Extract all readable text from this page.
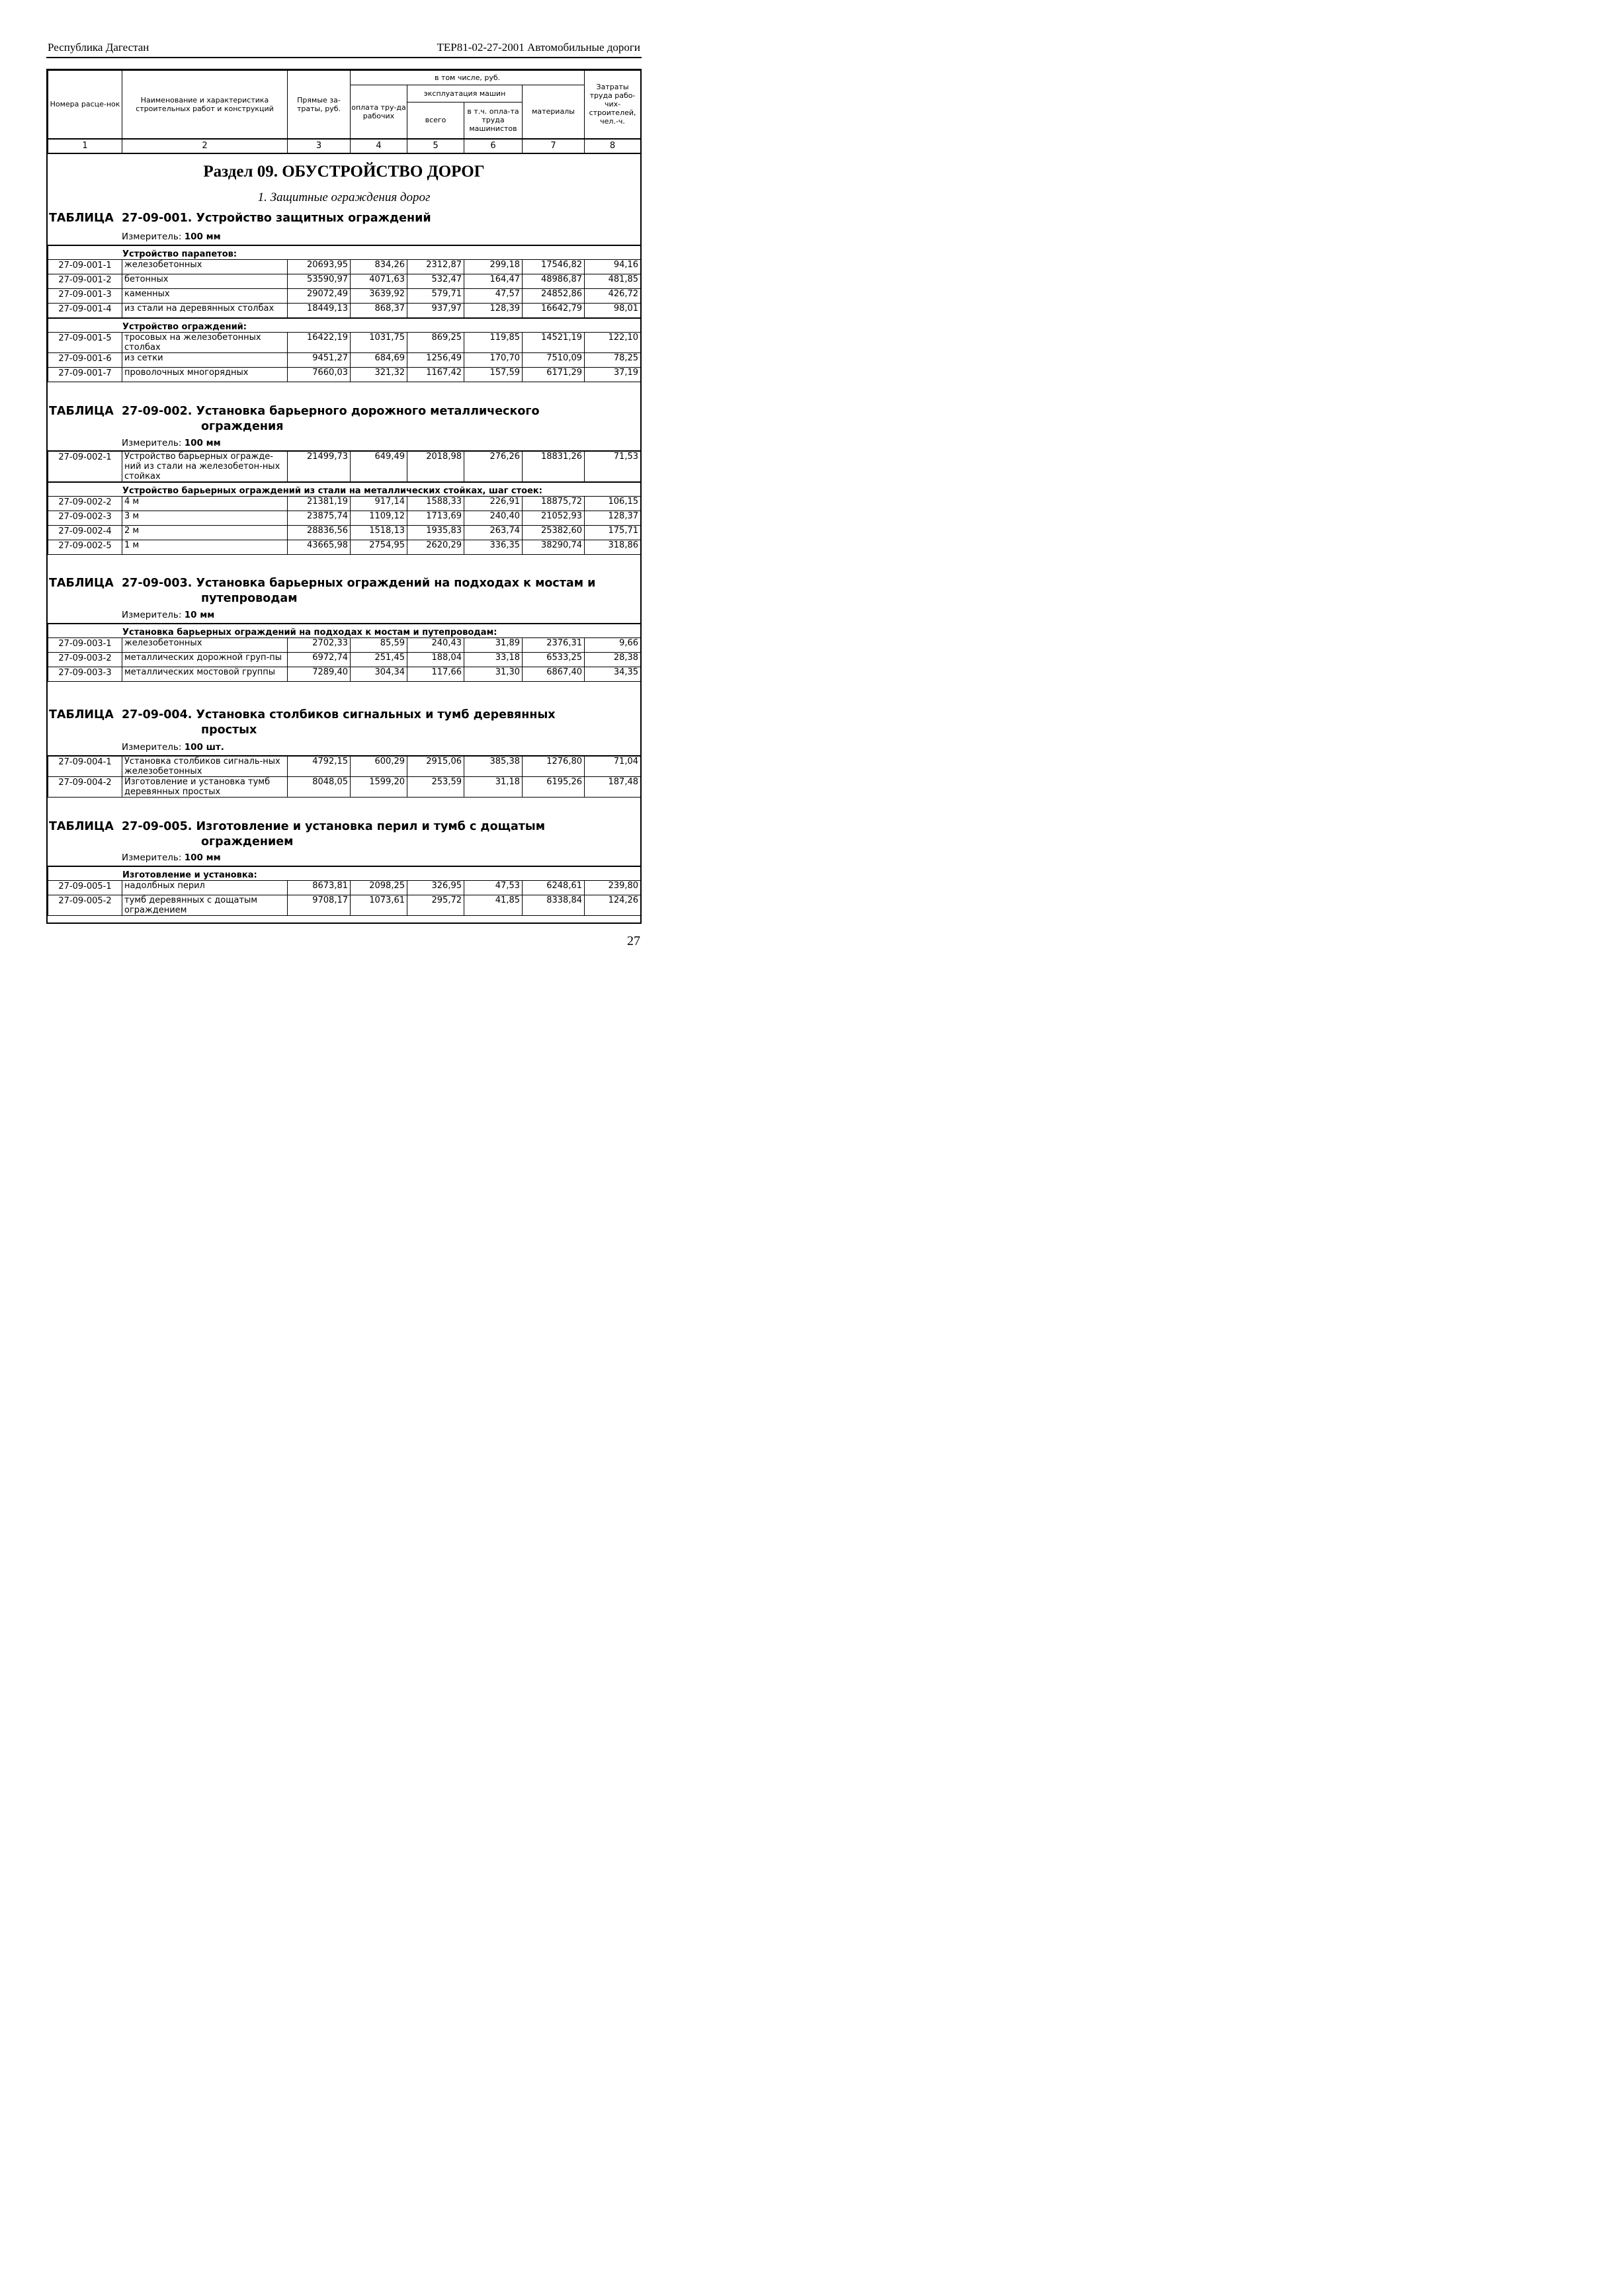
Республика Дагестан	ТЕР81-02-27-2001 Автомобильные дороги
Номера расце-нок	Наименование и характеристика строительных работ и конструкций	Прямые за-траты, руб.	в том числе, руб.				Затраты труда рабо-чих-строителей, чел.-ч.
			оплата тру-да рабочих	эксплуатация машин		материалы	
				всего	в т.ч. опла-та труда машинистов		
1	2	3	4	5	6	7	8
Раздел 09. ОБУСТРОЙСТВО ДОРОГ
1. Защитные ограждения дорог
ТАБЛИЦА 27-09-001. Устройство защитных ограждений
Измеритель: 100 мм
Устройство парапетов:							
27-09-001-1	железобетонных	20693,95	834,26	2312,87	299,18	17546,82	94,16
27-09-001-2	бетонных	53590,97	4071,63	532,47	164,47	48986,87	481,85
27-09-001-3	каменных	29072,49	3639,92	579,71	47,57	24852,86	426,72
27-09-001-4	из стали на деревянных столбах	18449,13	868,37	937,97	128,39	16642,79	98,01
Устройство ограждений:							
27-09-001-5	тросовых на железобетонных столбах	16422,19	1031,75	869,25	119,85	14521,19	122,10
27-09-001-6	из сетки	9451,27	684,69	1256,49	170,70	7510,09	78,25
27-09-001-7	проволочных многорядных	7660,03	321,32	1167,42	157,59	6171,29	37,19
ТАБЛИЦА 27-09-002. Установка барьерного дорожного металлического
ограждения
Измеритель: 100 мм
27-09-002-1	Устройство барьерных огражде-ний из стали на железобетон-ных стойках	21499,73	649,49	2018,98	276,26	18831,26	71,53
Устройство барьерных ограждений из стали на металлических стойках, шаг стоек:							
27-09-002-2	4 м	21381,19	917,14	1588,33	226,91	18875,72	106,15
27-09-002-3	3 м	23875,74	1109,12	1713,69	240,40	21052,93	128,37
27-09-002-4	2 м	28836,56	1518,13	1935,83	263,74	25382,60	175,71
27-09-002-5	1 м	43665,98	2754,95	2620,29	336,35	38290,74	318,86
ТАБЛИЦА 27-09-003. Установка барьерных ограждений на подходах к мостам и
путепроводам
Измеритель: 10 мм
Установка барьерных ограждений на подходах к мостам и путепроводам:							
27-09-003-1	железобетонных	2702,33	85,59	240,43	31,89	2376,31	9,66
27-09-003-2	металлических дорожной груп-пы	6972,74	251,45	188,04	33,18	6533,25	28,38
27-09-003-3	металлических мостовой группы	7289,40	304,34	117,66	31,30	6867,40	34,35
ТАБЛИЦА 27-09-004. Установка столбиков сигнальных и тумб деревянных
простых
Измеритель: 100 шт.
27-09-004-1	Установка столбиков сигналь-ных железобетонных	4792,15	600,29	2915,06	385,38	1276,80	71,04
27-09-004-2	Изготовление и установка тумб деревянных простых	8048,05	1599,20	253,59	31,18	6195,26	187,48
ТАБЛИЦА 27-09-005. Изготовление и установка перил и тумб с дощатым
ограждением
Измеритель: 100 мм
Изготовление и установка:							
27-09-005-1	надолбных перил	8673,81	2098,25	326,95	47,53	6248,61	239,80
27-09-005-2	тумб деревянных с дощатым ограждением	9708,17	1073,61	295,72	41,85	8338,84	124,26
27
